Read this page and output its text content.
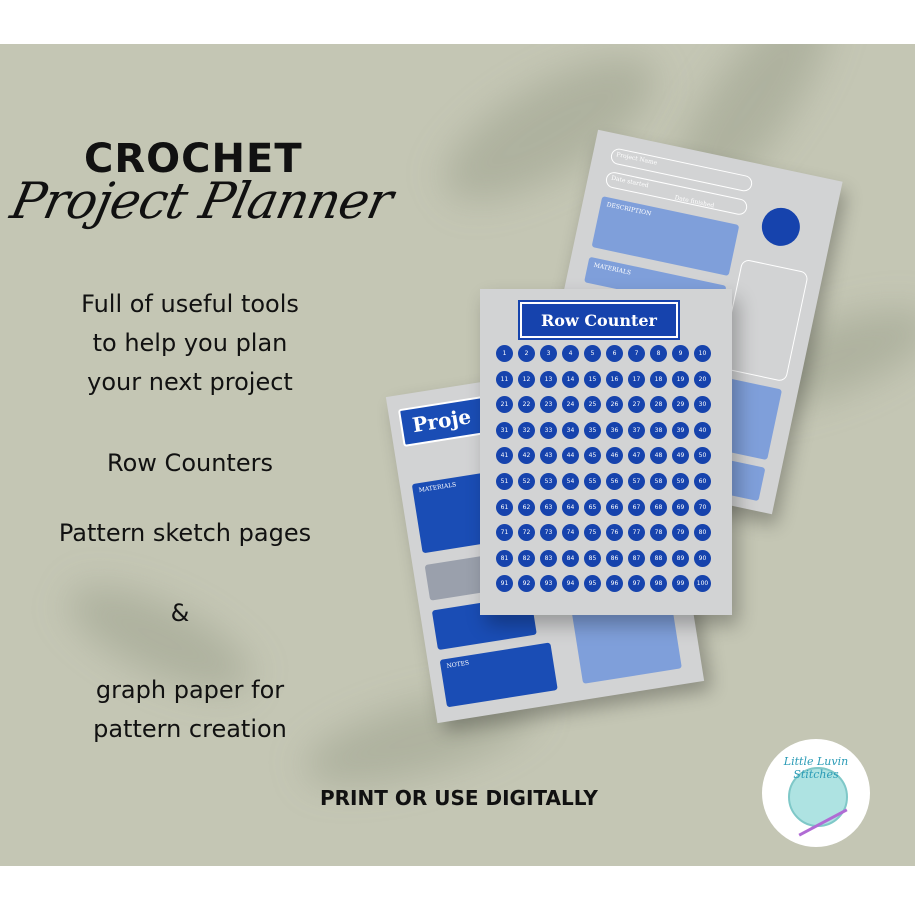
CROCHET
Project Planner
Full of useful tools
to help you plan
your next project
Row Counters
Pattern sketch pages
&
graph paper for
pattern creation
PRINT OR USE DIGITALLY
Project Name
Date started
Date finished
DESCRIPTION
MATERIALS
Proje
MATERIALS
NOTES
Row Counter
1	2	3	4	5	6	7	8	9	10
11	12	13	14	15	16	17	18	19	20
21	22	23	24	25	26	27	28	29	30
31	32	33	34	35	36	37	38	39	40
41	42	43	44	45	46	47	48	49	50
51	52	53	54	55	56	57	58	59	60
61	62	63	64	65	66	67	68	69	70
71	72	73	74	75	76	77	78	79	80
81	82	83	84	85	86	87	88	89	90
91	92	93	94	95	96	97	98	99	100
Little Luvin Stitches
